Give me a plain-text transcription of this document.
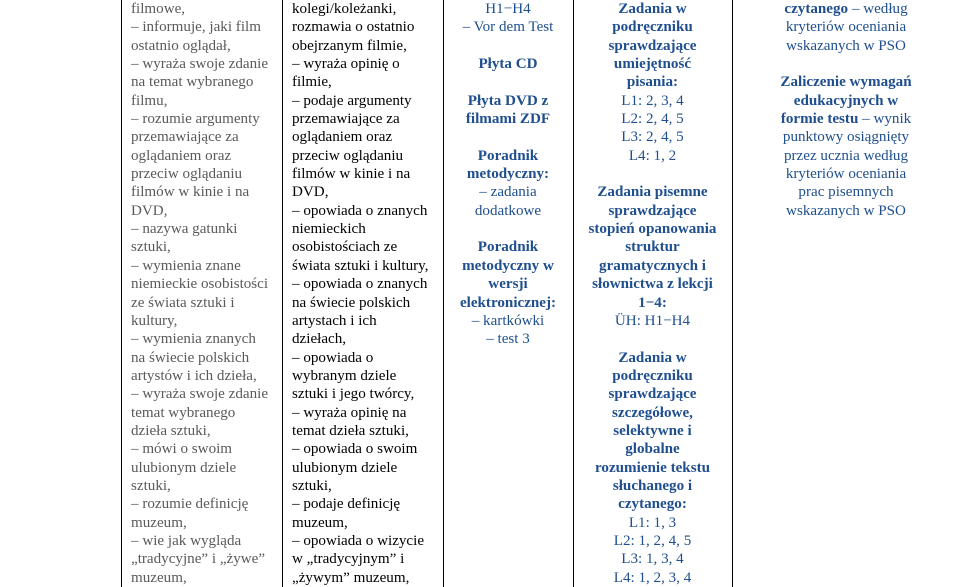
filmowe,
– informuje, jaki film
ostatnio oglądał,
– wyraża swoje zdanie
na temat wybranego
filmu,
– rozumie argumenty
przemawiające za
oglądaniem oraz
przeciw oglądaniu
filmów w kinie i na
DVD,
– nazywa gatunki
sztuki,
– wymienia znane
niemieckie osobistości
ze świata sztuki i
kultury,
– wymienia znanych
na świecie polskich
artystów i ich dzieła,
– wyraża swoje zdanie
temat wybranego
dzieła sztuki,
– mówi o swoim
ulubionym dziele
sztuki,
– rozumie definicję
muzeum,
– wie jak wygląda
„tradycyjne” i „żywe”
muzeum,
kolegi/koleżanki,
rozmawia o ostatnio
obejrzanym filmie,
– wyraża opinię o
filmie,
– podaje argumenty
przemawiające za
oglądaniem oraz
przeciw oglądaniu
filmów w kinie i na
DVD,
– opowiada o znanych
niemieckich
osobistościach ze
świata sztuki i kultury,
– opowiada o znanych
na świecie polskich
artystach i ich
dziełach,
– opowiada o
wybranym dziele
sztuki i jego twórcy,
– wyraża opinię na
temat dzieła sztuki,
– opowiada o swoim
ulubionym dziele
sztuki,
– podaje definicję
muzeum,
– opowiada o wizycie
w „tradycyjnym” i
„żywym” muzeum,
H1−H4
– Vor dem Test

Płyta CD

Płyta DVD z
filmami ZDF

Poradnik
metodyczny:
– zadania
dodatkowe

Poradnik
metodyczny w
wersji
elektronicznej:
– kartkówki
– test 3
Zadania w
podręczniku
sprawdzające
umiejętność
pisania:
L1: 2, 3, 4
L2: 2, 4, 5
L3: 2, 4, 5
L4: 1, 2

Zadania pisemne
sprawdzające
stopień opanowania
struktur
gramatycznych i
słownictwa z lekcji
1−4:
ÜH: H1−H4

Zadania w
podręczniku
sprawdzające
szczegółowe,
selektywne i
globalne
rozumienie tekstu
słuchanego i
czytanego:
L1: 1, 3
L2: 1, 2, 4, 5
L3: 1, 3, 4
L4: 1, 2, 3, 4
czytanego – według
kryteriów oceniania
wskazanych w PSO

Zaliczenie wymagań
edukacyjnych w
formie testu – wynik
punktowy osiągnięty
przez ucznia według
kryteriów oceniania
prac pisemnych
wskazanych w PSO
